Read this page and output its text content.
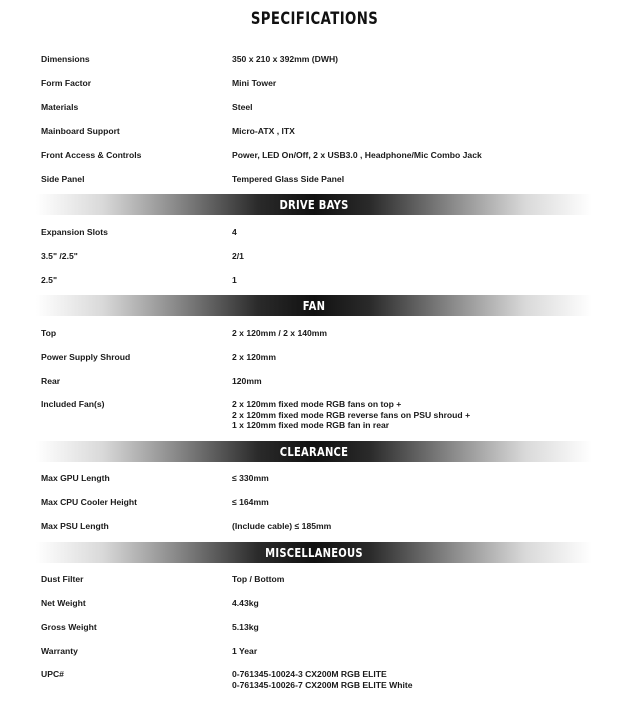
SPECIFICATIONS
Dimensions	350 x 210 x 392mm (DWH)
Form Factor	Mini Tower
Materials	Steel
Mainboard Support	Micro-ATX , ITX
Front Access & Controls	Power, LED On/Off, 2 x USB3.0 , Headphone/Mic Combo Jack
Side Panel	Tempered Glass Side Panel
DRIVE BAYS
Expansion Slots	4
3.5" /2.5"	2/1
2.5"	1
FAN
Top	2 x 120mm / 2 x 140mm
Power Supply Shroud	2 x 120mm
Rear	120mm
Included Fan(s)	2 x 120mm fixed mode RGB fans on top +
2 x 120mm fixed mode RGB reverse fans on PSU shroud +
1 x 120mm fixed mode RGB fan in rear
CLEARANCE
Max GPU Length	≤ 330mm
Max CPU Cooler Height	≤ 164mm
Max PSU Length	(Include cable) ≤ 185mm
MISCELLANEOUS
Dust Filter	Top / Bottom
Net Weight	4.43kg
Gross Weight	5.13kg
Warranty	1 Year
UPC#	0-761345-10024-3 CX200M RGB ELITE
0-761345-10026-7 CX200M RGB ELITE White
